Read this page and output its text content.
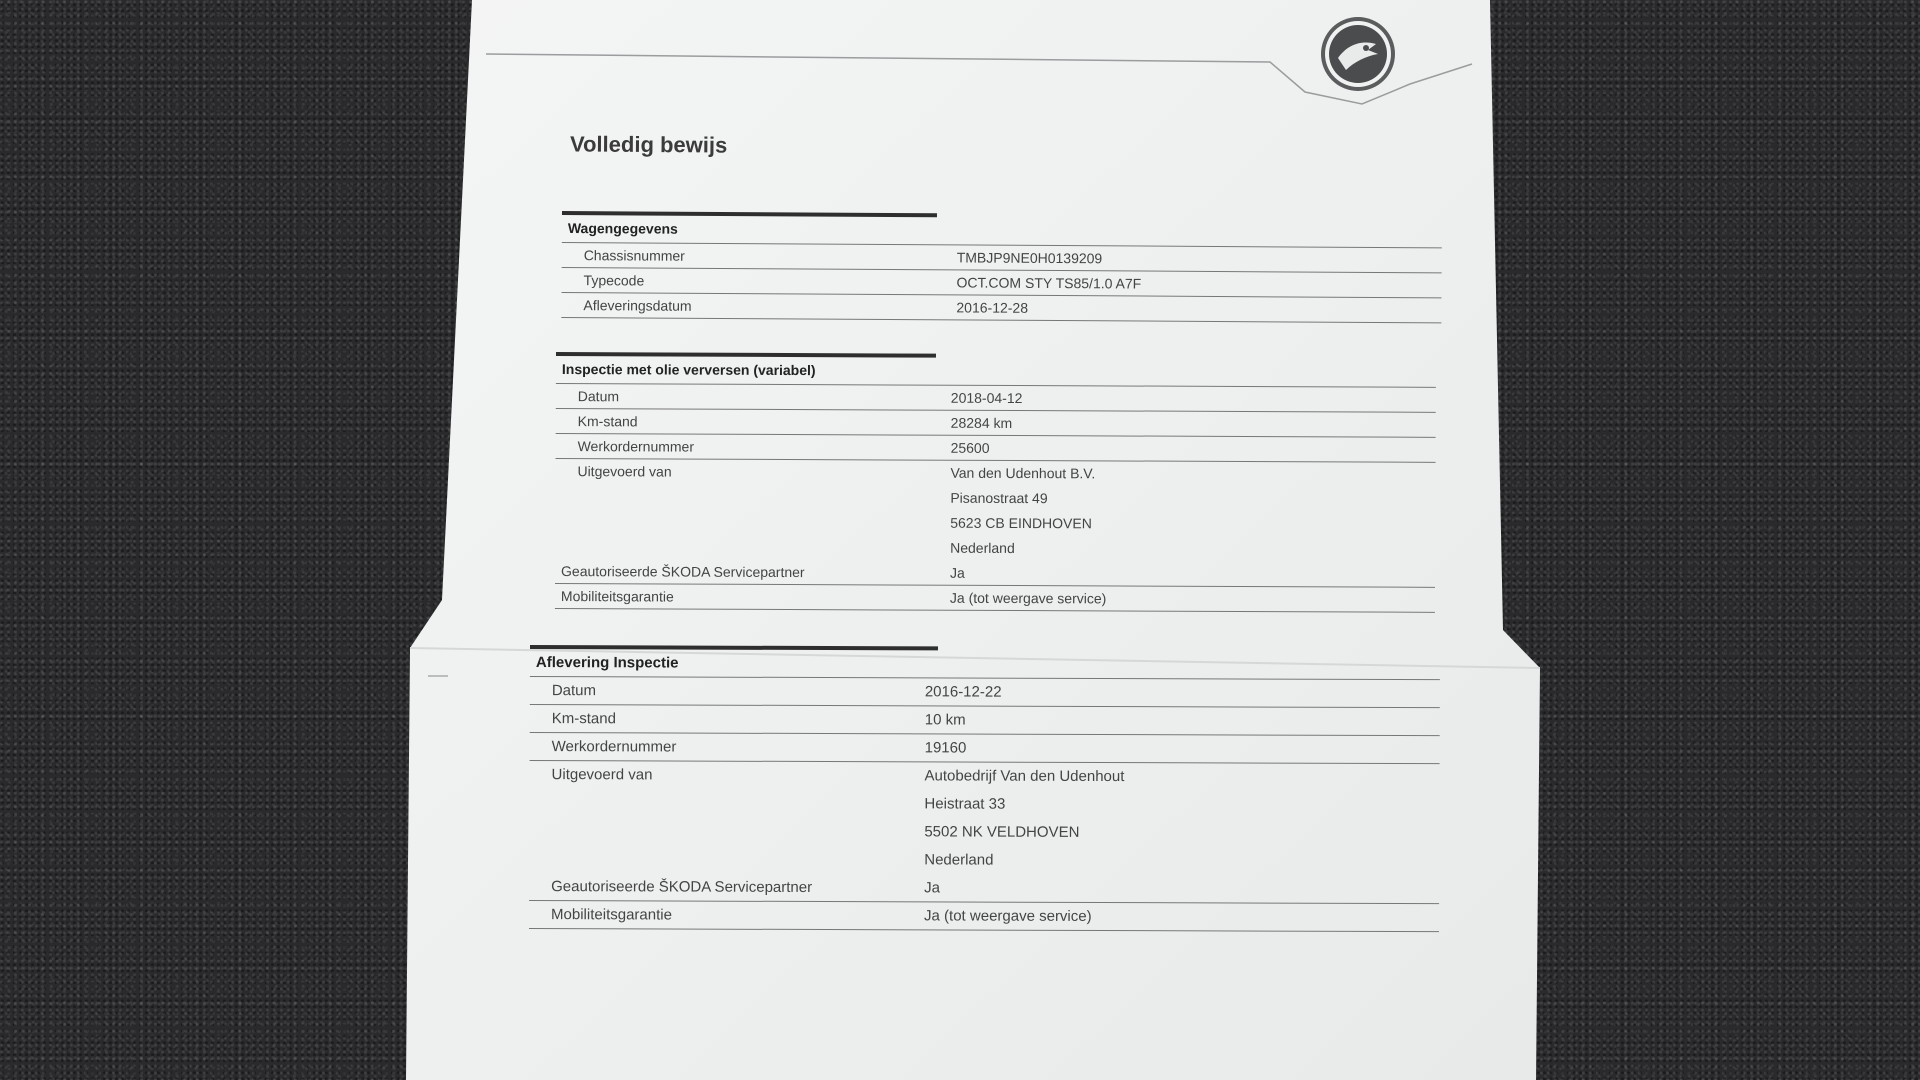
Volledig bewijs
Wagengegevens
Chassisnummer	TMBJP9NE0H0139209
Typecode	OCT.COM STY TS85/1.0 A7F
Afleveringsdatum	2016-12-28
Inspectie met olie verversen (variabel)
Datum	2018-04-12
Km-stand	28284 km
Werkordernummer	25600
Uitgevoerd van	Van den Udenhout B.V.
Pisanostraat 49
5623 CB EINDHOVEN
Nederland
Geautoriseerde ŠKODA Servicepartner	Ja
Mobiliteitsgarantie	Ja (tot weergave service)
Aflevering Inspectie
Datum	2016-12-22
Km-stand	10 km
Werkordernummer	19160
Uitgevoerd van	Autobedrijf Van den Udenhout
Heistraat 33
5502 NK VELDHOVEN
Nederland
Geautoriseerde ŠKODA Servicepartner	Ja
Mobiliteitsgarantie	Ja (tot weergave service)
